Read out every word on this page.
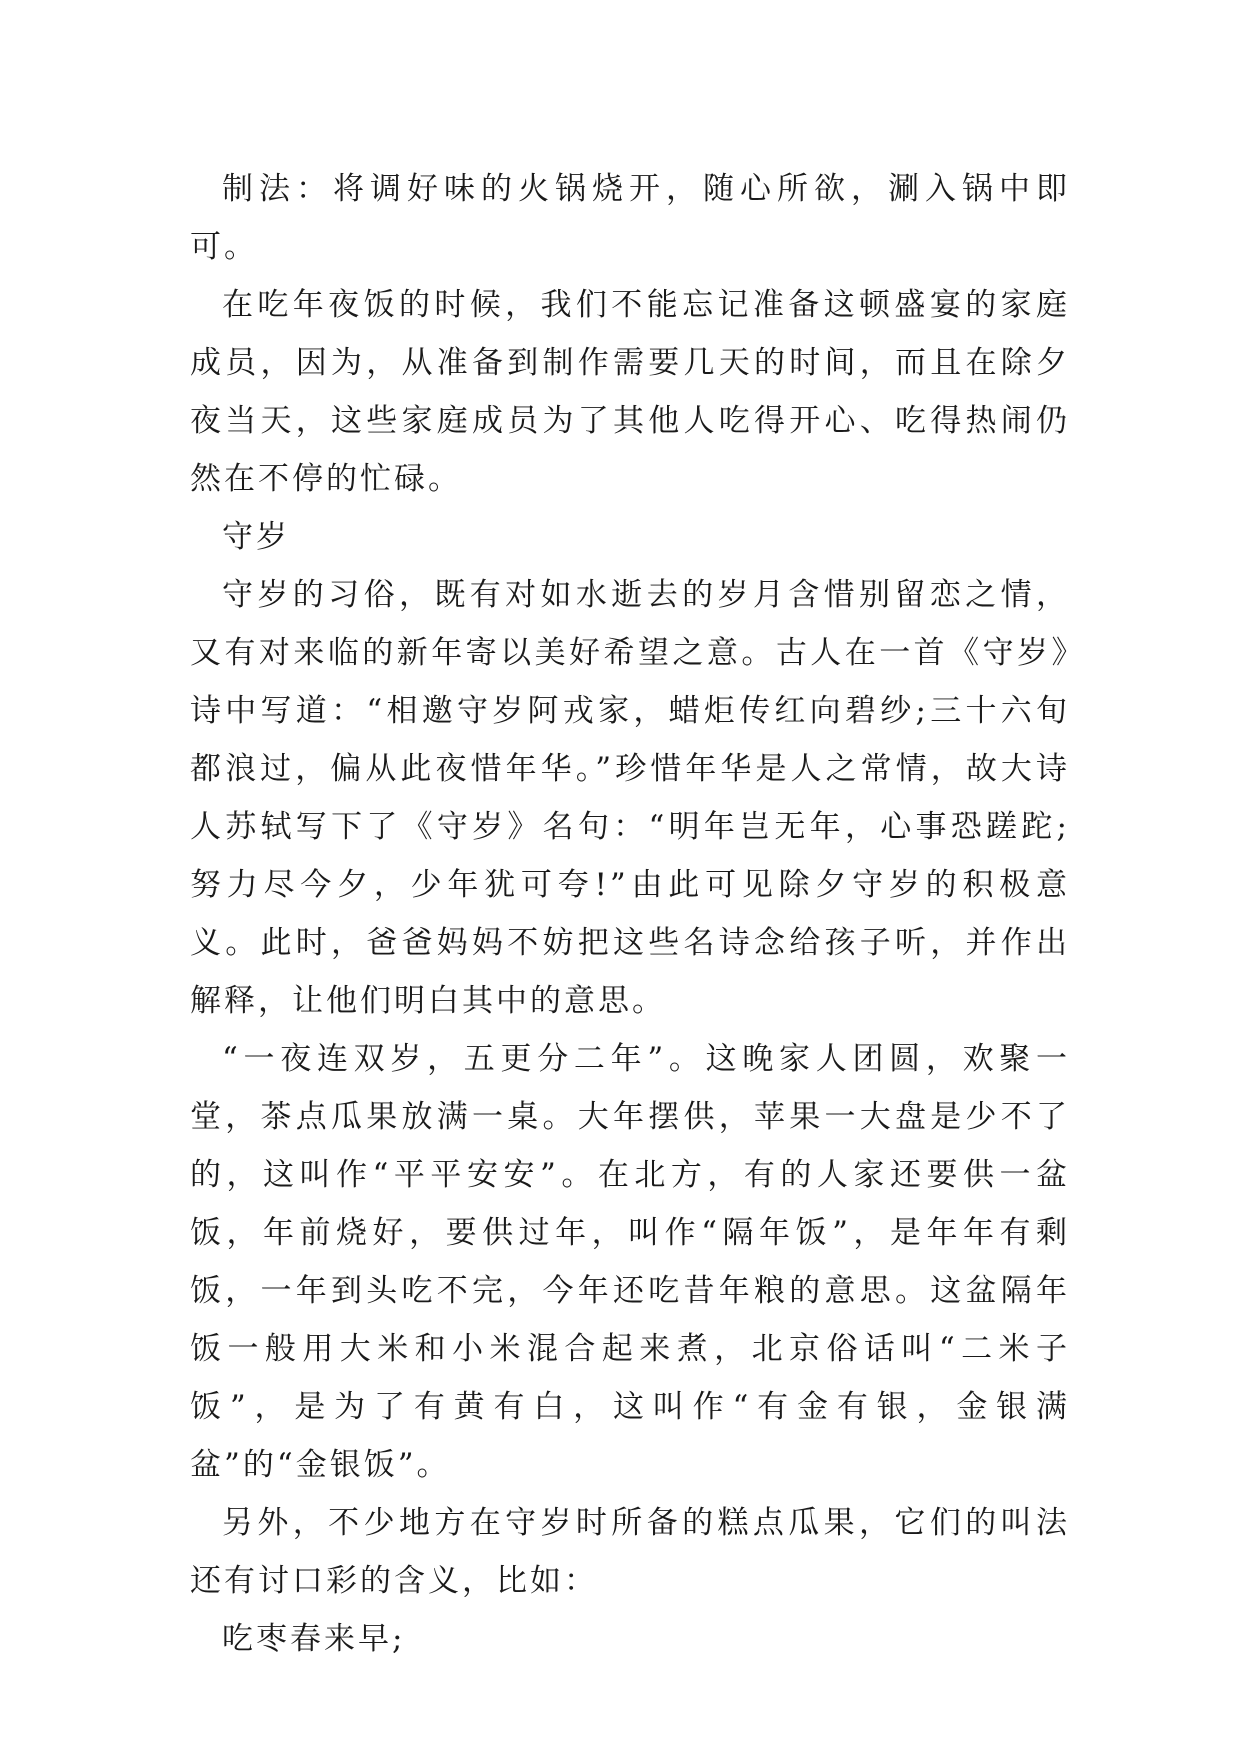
制法：将调好味的火锅烧开，随心所欲，涮入锅中即可。

在吃年夜饭的时候，我们不能忘记准备这顿盛宴的家庭成员，因为，从准备到制作需要几天的时间，而且在除夕夜当天，这些家庭成员为了其他人吃得开心、吃得热闹仍然在不停的忙碌。

守岁

守岁的习俗，既有对如水逝去的岁月含惜别留恋之情，又有对来临的新年寄以美好希望之意。古人在一首《守岁》诗中写道：“相邀守岁阿戎家，蜡炬传红向碧纱;三十六旬都浪过，偏从此夜惜年华。”珍惜年华是人之常情，故大诗人苏轼写下了《守岁》名句：“明年岂无年，心事恐蹉跎;努力尽今夕，少年犹可夸!”由此可见除夕守岁的积极意义。此时，爸爸妈妈不妨把这些名诗念给孩子听，并作出解释，让他们明白其中的意思。

“一夜连双岁，五更分二年”。这晚家人团圆，欢聚一堂，茶点瓜果放满一桌。大年摆供，苹果一大盘是少不了的，这叫作“平平安安”。在北方，有的人家还要供一盆饭，年前烧好，要供过年，叫作“隔年饭”，是年年有剩饭，一年到头吃不完，今年还吃昔年粮的意思。这盆隔年饭一般用大米和小米混合起来煮，北京俗话叫“二米子饭”，是为了有黄有白，这叫作“有金有银，金银满盆”的“金银饭”。

另外，不少地方在守岁时所备的糕点瓜果，它们的叫法还有讨口彩的含义，比如：

吃枣春来早;
